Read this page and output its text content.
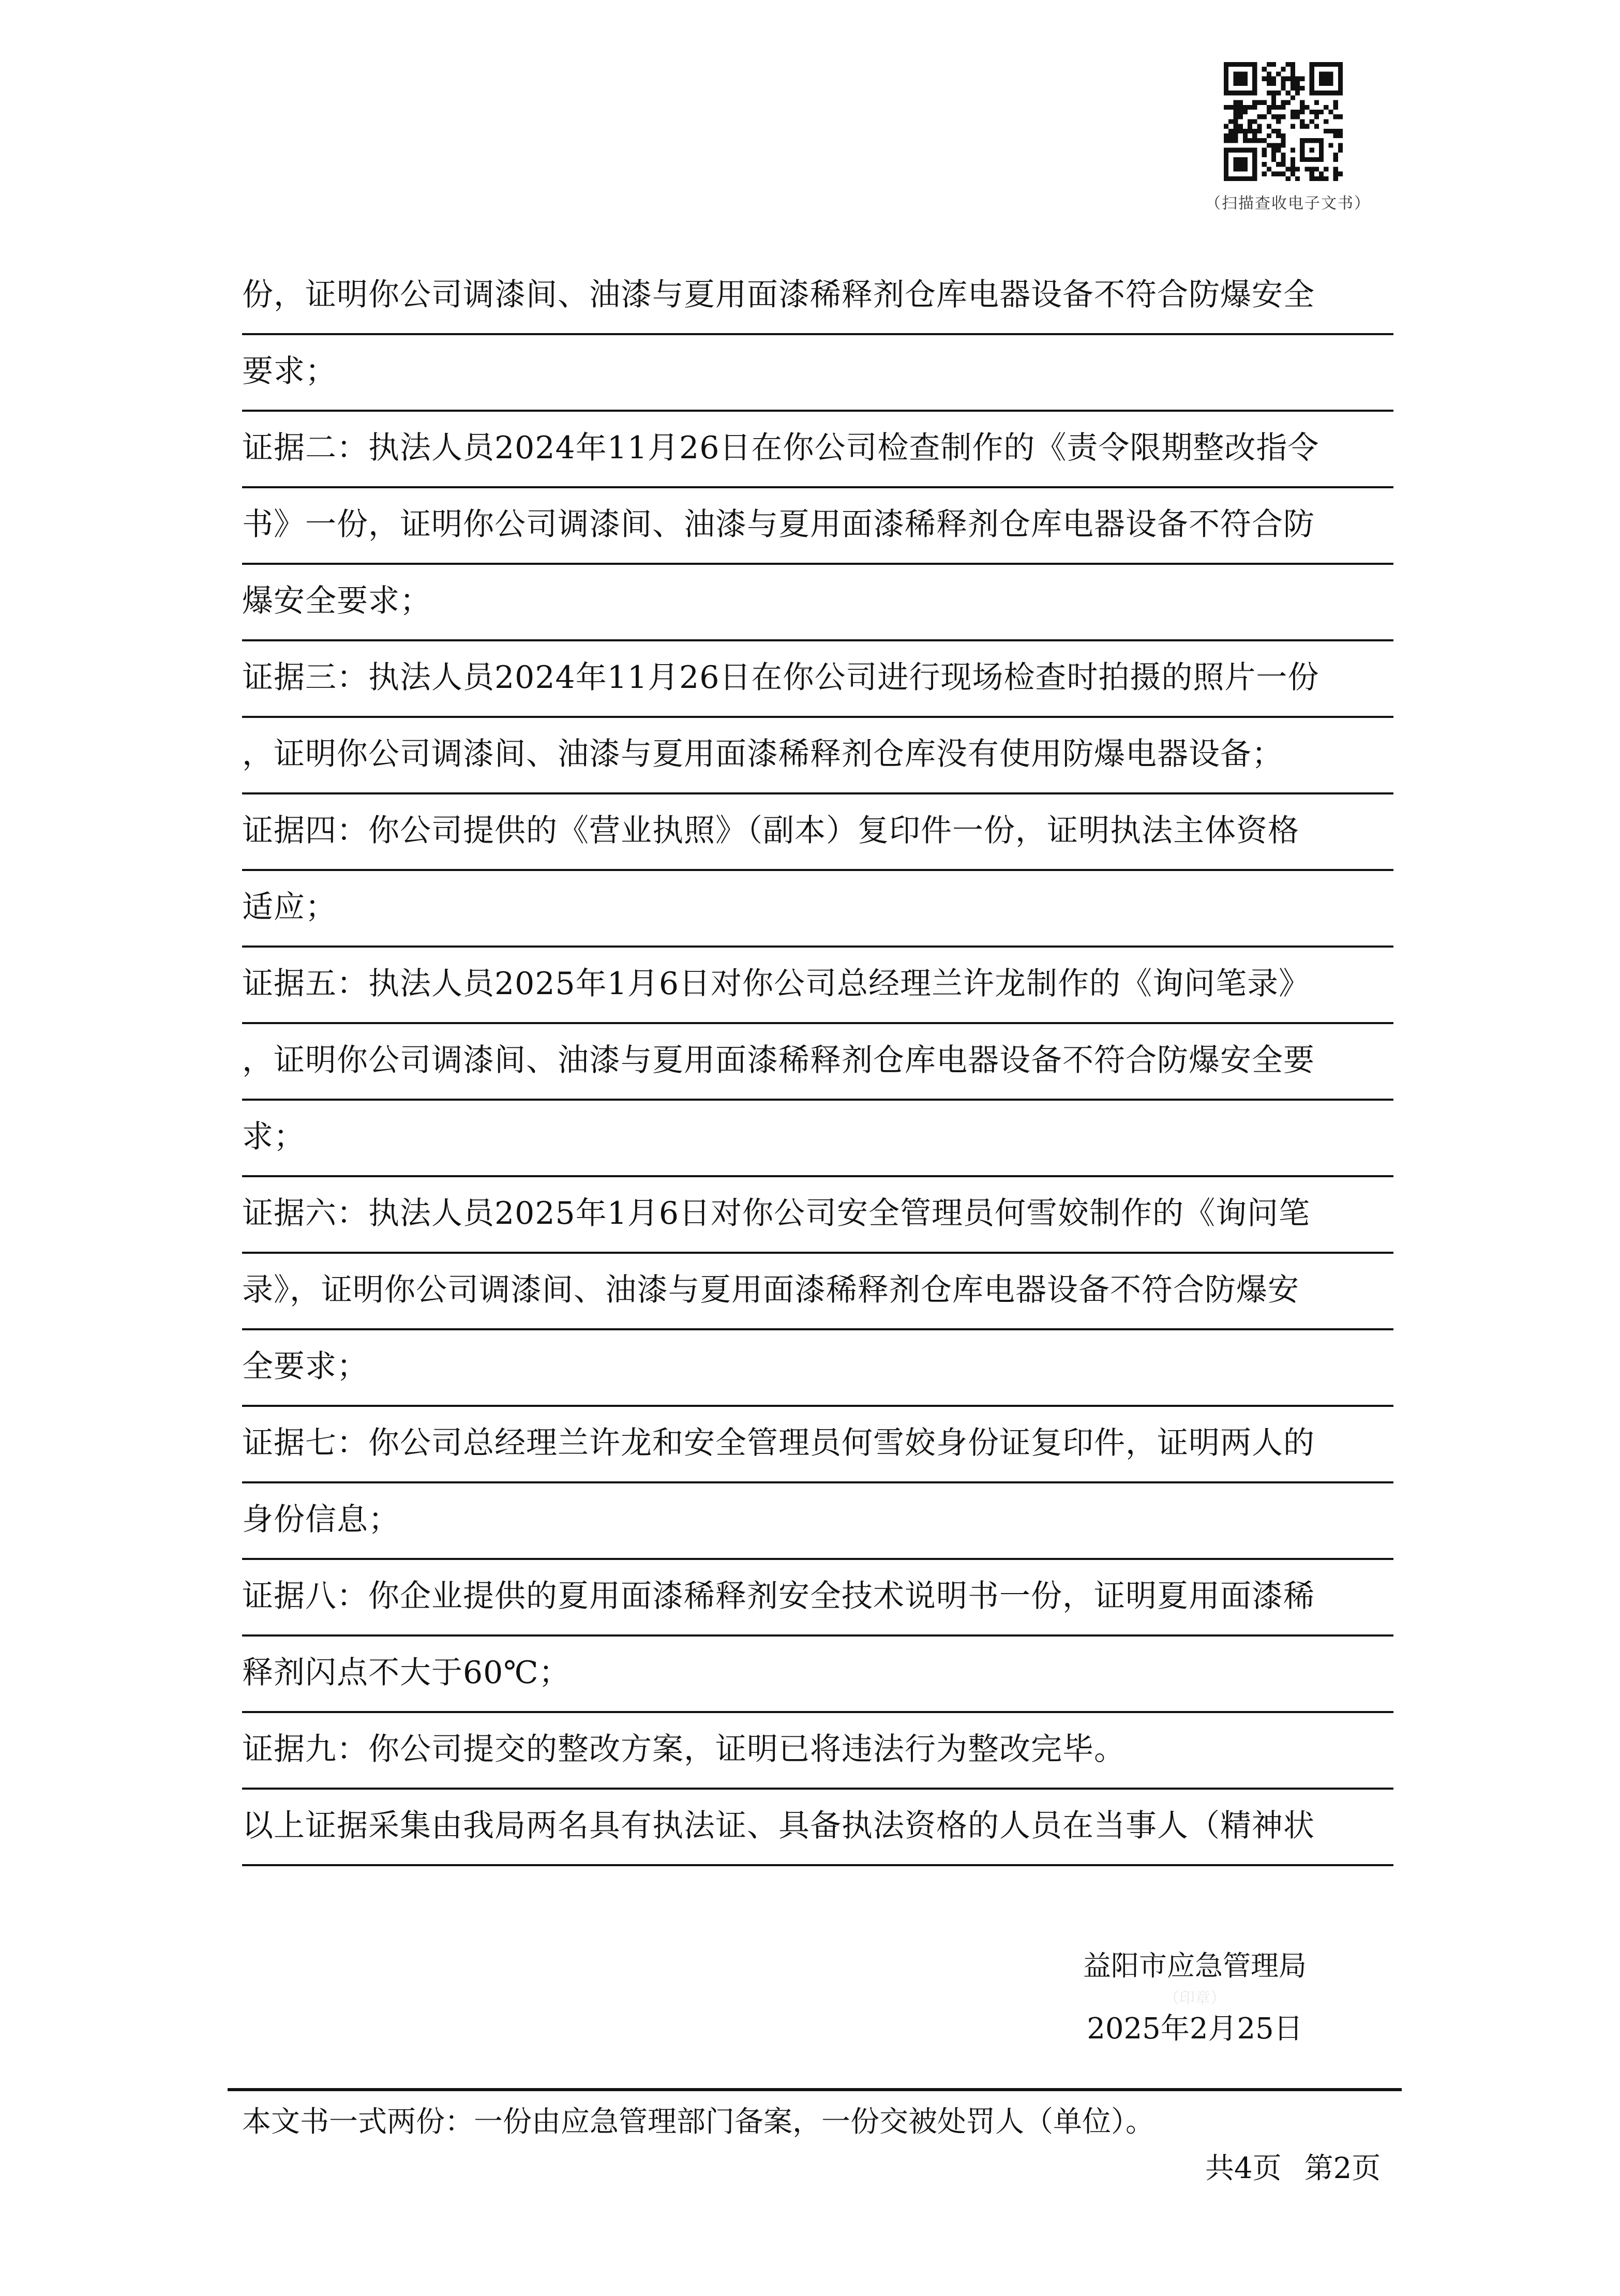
（扫描查收电子文书）
份，证明你公司调漆间、油漆与夏用面漆稀释剂仓库电器设备不符合防爆安全
要求；
证据二：执法人员2024年11月26日在你公司检查制作的《责令限期整改指令
书》一份，证明你公司调漆间、油漆与夏用面漆稀释剂仓库电器设备不符合防
爆安全要求；
证据三：执法人员2024年11月26日在你公司进行现场检查时拍摄的照片一份
，证明你公司调漆间、油漆与夏用面漆稀释剂仓库没有使用防爆电器设备；
证据四：你公司提供的《营业执照》（副本）复印件一份，证明执法主体资格
适应；
证据五：执法人员2025年1月6日对你公司总经理兰许龙制作的《询问笔录》
，证明你公司调漆间、油漆与夏用面漆稀释剂仓库电器设备不符合防爆安全要
求；
证据六：执法人员2025年1月6日对你公司安全管理员何雪姣制作的《询问笔
录》，证明你公司调漆间、油漆与夏用面漆稀释剂仓库电器设备不符合防爆安
全要求；
证据七：你公司总经理兰许龙和安全管理员何雪姣身份证复印件，证明两人的
身份信息；
证据八：你企业提供的夏用面漆稀释剂安全技术说明书一份，证明夏用面漆稀
释剂闪点不大于60℃；
证据九：你公司提交的整改方案，证明已将违法行为整改完毕。
以上证据采集由我局两名具有执法证、具备执法资格的人员在当事人（精神状
益阳市应急管理局
（印章）
2025年2月25日
本文书一式两份：一份由应急管理部门备案，一份交被处罚人（单位）。
共4页 第2页
